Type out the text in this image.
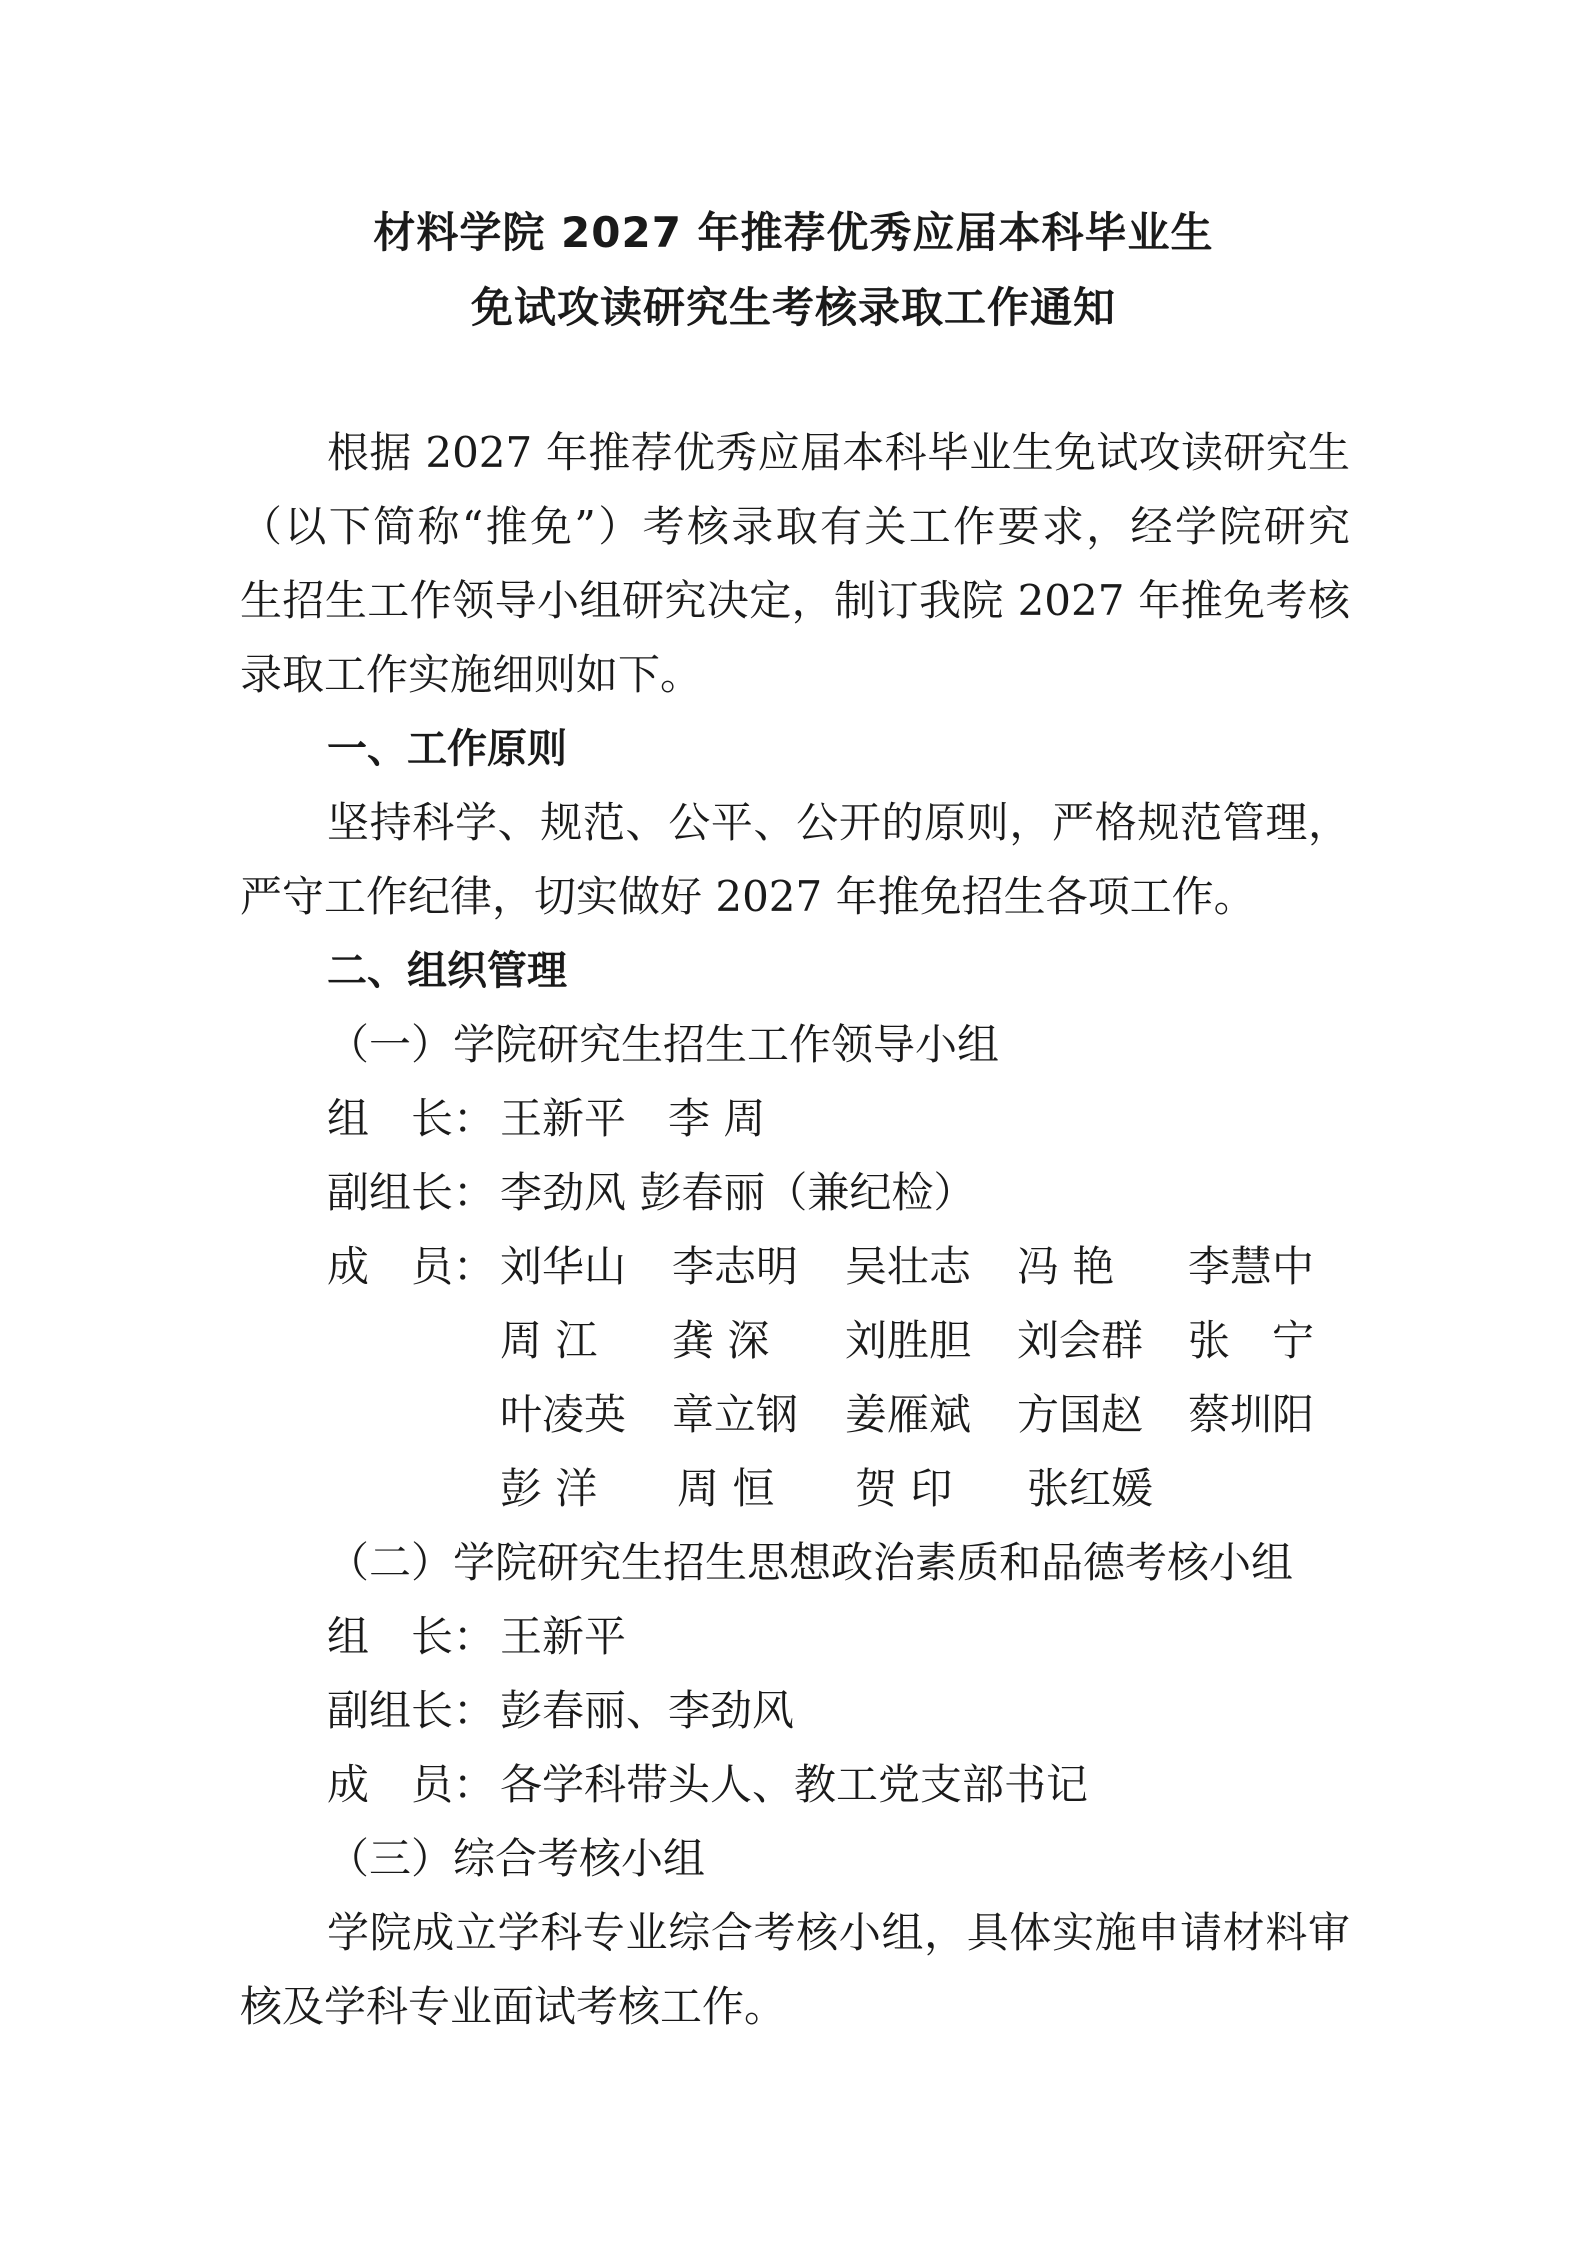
材料学院 2027 年推荐优秀应届本科毕业生
免试攻读研究生考核录取工作通知
根据 2027 年推荐优秀应届本科毕业生免试攻读研究生
（以下简称“推免”）考核录取有关工作要求，经学院研究
生招生工作领导小组研究决定，制订我院 2027 年推免考核
录取工作实施细则如下。
一、工作原则
坚持科学、规范、公平、公开的原则，严格规范管理，
严守工作纪律，切实做好 2027 年推免招生各项工作。
二、组织管理
（一）学院研究生招生工作领导小组
组　长： 王新平　李 周
副组长： 李劲风 彭春丽（兼纪检）
成　员： 刘华山 李志明 吴壮志 冯 艳 李慧中
周 江 龚 深 刘胜胆 刘会群 张　宁
叶凌英 章立钢 姜雁斌 方国赵 蔡圳阳
彭 洋 周 恒 贺 印 张红媛
（二）学院研究生招生思想政治素质和品德考核小组
组　长： 王新平
副组长： 彭春丽、李劲风
成　员： 各学科带头人、教工党支部书记
（三）综合考核小组
学院成立学科专业综合考核小组，具体实施申请材料审
核及学科专业面试考核工作。
